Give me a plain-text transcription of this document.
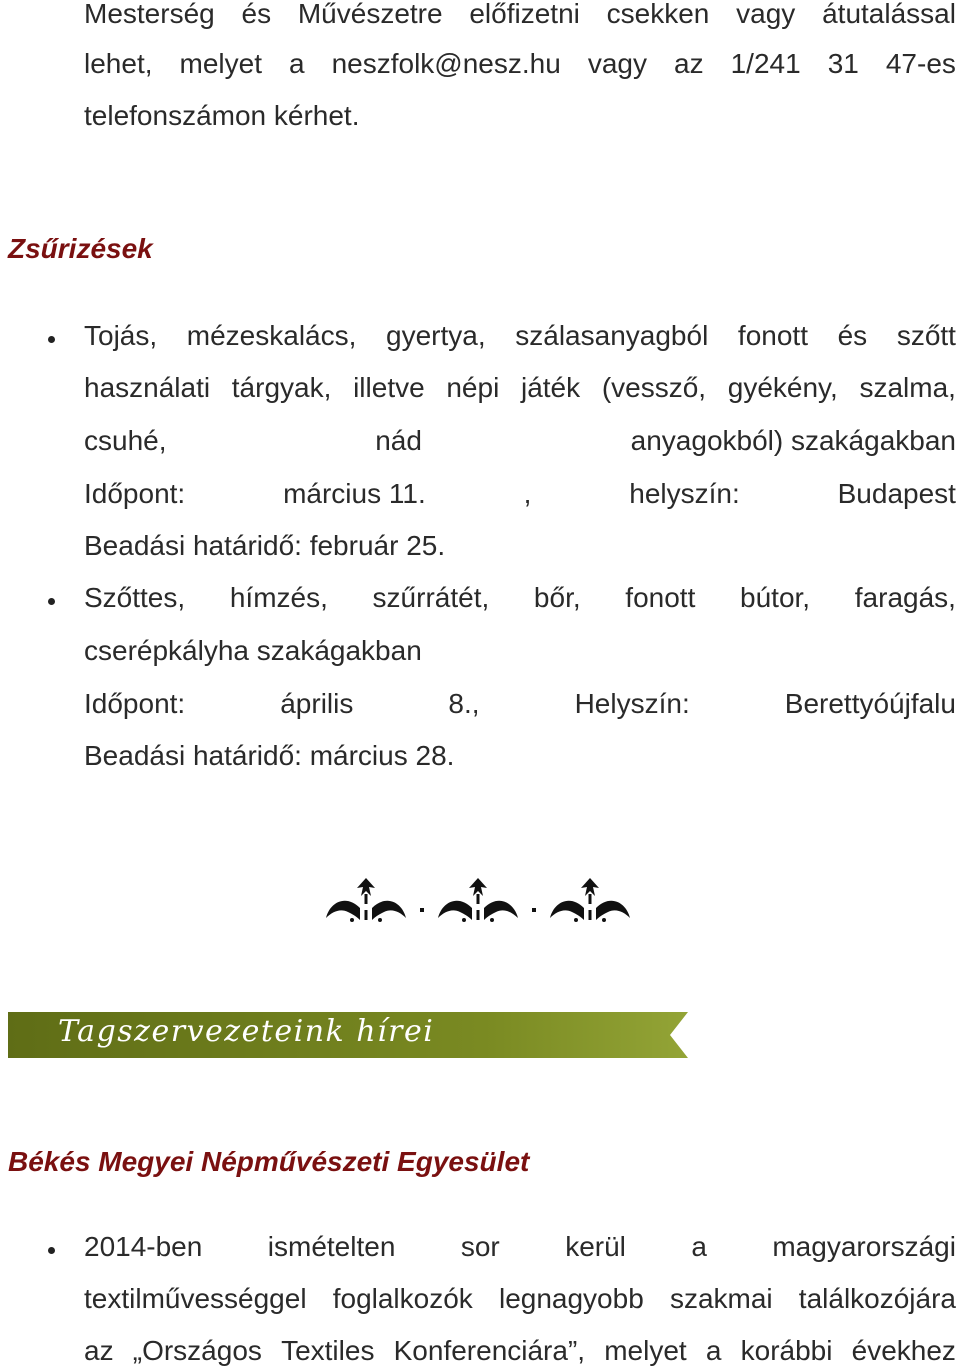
Mesterség és Művészetre előfizetni csekken vagy átutalással
lehet, melyet a neszfolk@nesz.hu vagy az 1/241 31 47-es
telefonszámon kérhet.
Zsűrizések
Tojás, mézeskalács, gyertya, szálasanyagból fonott és szőtt
használati tárgyak, illetve népi játék (vessző, gyékény, szalma,
csuhé,	nád	anyagokból) szakágakban
Időpont:	március 11.	,	helyszín:	Budapest
Beadási határidő: február 25.
Szőttes, hímzés, szűrrátét, bőr, fonott bútor, faragás,
cserépkályha szakágakban
Időpont:	április	8.,	Helyszín:	Berettyóújfalu
Beadási határidő: március 28.
Tagszervezeteink hírei
Békés Megyei Népművészeti Egyesület
2014-ben ismételten sor kerül a magyarországi
textilművességgel foglalkozók legnagyobb szakmai találkozójára
az „Országos Textiles Konferenciára”, melyet a korábbi évekhez
